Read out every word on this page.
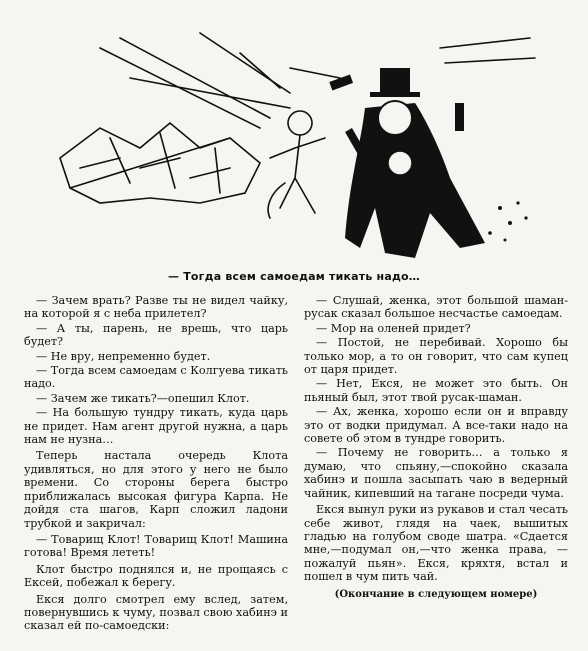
— Тогда всем самоедам тикать надо…

— Зачем врать? Разве ты не видел чайку, на которой я с неба прилетел?

— А ты, парень, не врешь, что царь будет?

— Не вру, непременно будет.

— Тогда всем самоедам с Колгуева тикать надо.

— Зачем же тикать?—опешил Клот.

— На большую тундру тикать, куда царь не придет. Нам агент другой нужна, а царь нам не нузна…

Теперь настала очередь Клота удивляться, но для этого у него не было времени. Со стороны берега быстро приближалась высокая фигура Карпа. Не дойдя ста шагов, Карп сложил ладони трубкой и закричал:

— Товарищ Клот! Товарищ Клот! Машина готова! Время лететь!

Клот быстро поднялся и, не прощаясь с Ексей, побежал к берегу.

Екся долго смотрел ему вслед, затем, повернувшись к чуму, позвал свою хабинэ и сказал ей по-самоедски:

— Слушай, женка, этот большой шаман-русак сказал большое несчастье самоедам.

— Мор на оленей придет?

— Постой, не перебивай. Хорошо бы только мор, а то он говорит, что сам купец от царя придет.

— Нет, Екся, не может это быть. Он пьяный был, этот твой русак-шаман.

— Ах, женка, хорошо если он и вправду это от водки придумал. А все-таки надо на совете об этом в тундре говорить.

— Почему не говорить… а только я думаю, что спьяну,—спокойно сказала хабинэ и пошла засыпать чаю в ведерный чайник, кипевший на тагане посреди чума.

Екся вынул руки из рукавов и стал чесать себе живот, глядя на чаек, вышитых гладью на голубом своде шатра. «Сдается мне,—подумал он,—что женка права, — пожалуй пьян». Екся, кряхтя, встал и пошел в чум пить чай.

(Окончание в следующем номере)
